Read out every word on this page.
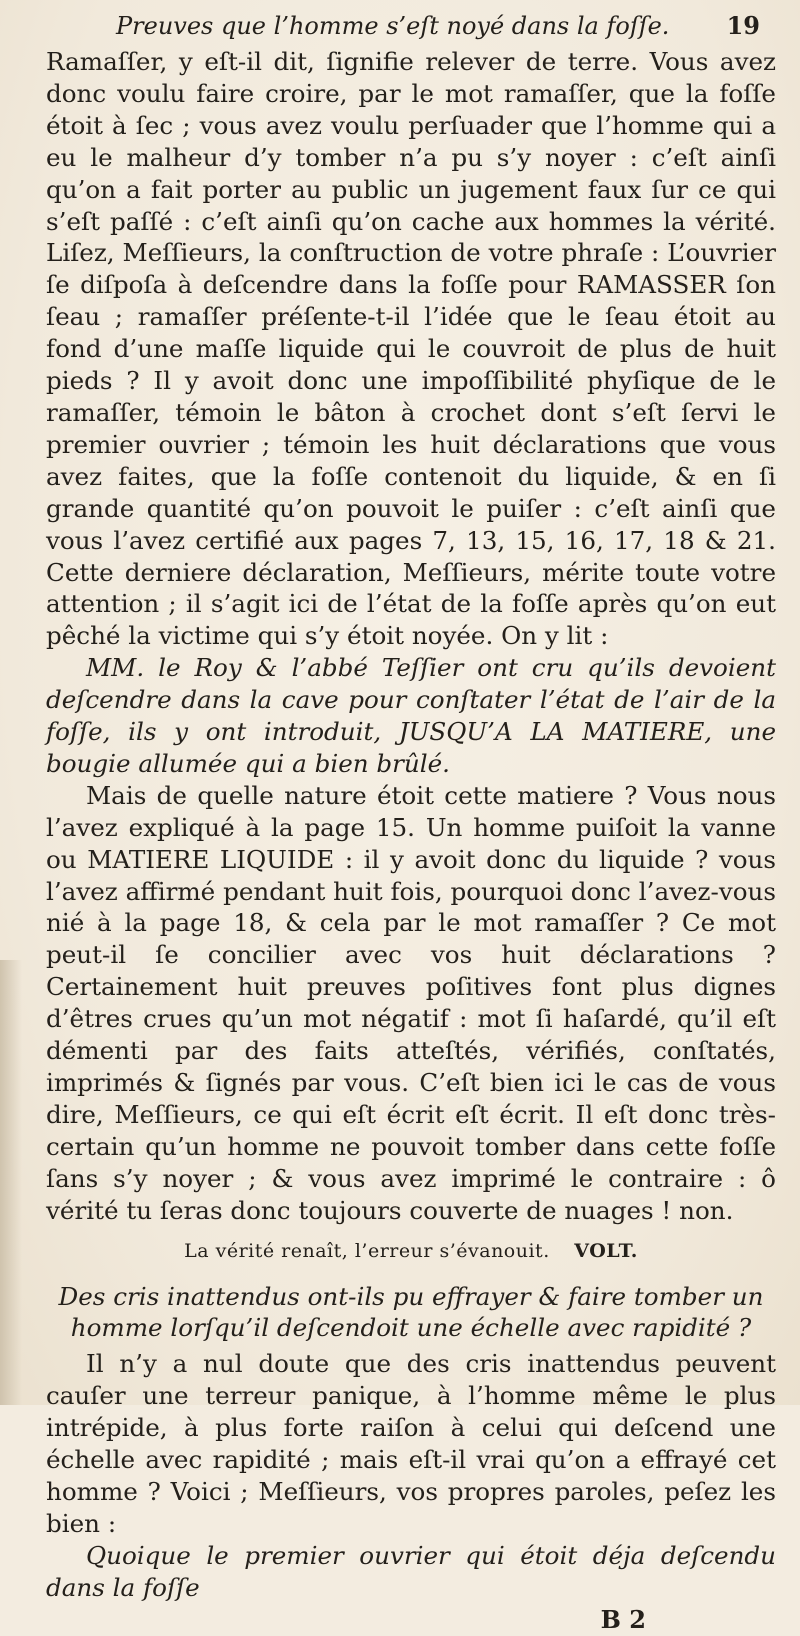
Preuves que l’homme s’eſt noyé dans la foſſe. 19

Ramaſſer, y eſt-il dit, ſignifie relever de terre. Vous avez donc voulu faire croire, par le mot ramaſſer, que la foſſe étoit à ſec ; vous avez voulu perſuader que l’homme qui a eu le malheur d’y tomber n’a pu s’y noyer : c’eſt ainſi qu’on a fait porter au public un jugement faux ſur ce qui s’eſt paſſé : c’eſt ainſi qu’on cache aux hommes la vérité. Liſez, Meſſieurs, la conſtruction de votre phraſe : L’ouvrier ſe diſpoſa à deſcendre dans la foſſe pour RAMASSER ſon ſeau ; ramaſſer préſente-t-il l’idée que le ſeau étoit au fond d’une maſſe liquide qui le couvroit de plus de huit pieds ? Il y avoit donc une impoſſibilité phyſique de le ramaſſer, témoin le bâton à crochet dont s’eſt ſervi le premier ouvrier ; témoin les huit déclarations que vous avez faites, que la foſſe contenoit du liquide, & en ſi grande quantité qu’on pouvoit le puiſer : c’eſt ainſi que vous l’avez certifié aux pages 7, 13, 15, 16, 17, 18 & 21. Cette derniere déclaration, Meſſieurs, mérite toute votre attention ; il s’agit ici de l’état de la foſſe après qu’on eut pêché la victime qui s’y étoit noyée. On y lit :

MM. le Roy & l’abbé Teſſier ont cru qu’ils devoient deſcendre dans la cave pour conſtater l’état de l’air de la foſſe, ils y ont introduit, JUSQU’A LA MATIERE, une bougie allumée qui a bien brûlé.

Mais de quelle nature étoit cette matiere ? Vous nous l’avez expliqué à la page 15. Un homme puiſoit la vanne ou MATIERE LIQUIDE : il y avoit donc du liquide ? vous l’avez affirmé pendant huit fois, pourquoi donc l’avez-vous nié à la page 18, & cela par le mot ramaſſer ? Ce mot peut-il ſe concilier avec vos huit déclarations ? Certainement huit preuves poſitives font plus dignes d’êtres crues qu’un mot négatif : mot ſi haſardé, qu’il eſt démenti par des faits atteſtés, vérifiés, conſtatés, imprimés & ſignés par vous. C’eſt bien ici le cas de vous dire, Meſſieurs, ce qui eſt écrit eſt écrit. Il eſt donc très-certain qu’un homme ne pouvoit tomber dans cette foſſe ſans s’y noyer ; & vous avez imprimé le contraire : ô vérité tu ſeras donc toujours couverte de nuages ! non.

La vérité renaît, l’erreur s’évanouit. VOLT.

Des cris inattendus ont-ils pu effrayer & faire tomber un homme lorſqu’il deſcendoit une échelle avec rapidité ?

Il n’y a nul doute que des cris inattendus peuvent cauſer une terreur panique, à l’homme même le plus intrépide, à plus forte raiſon à celui qui deſcend une échelle avec rapidité ; mais eſt-il vrai qu’on a effrayé cet homme ? Voici ; Meſſieurs, vos propres paroles, peſez les bien :

Quoique le premier ouvrier qui étoit déja deſcendu dans la foſſe

B 2
